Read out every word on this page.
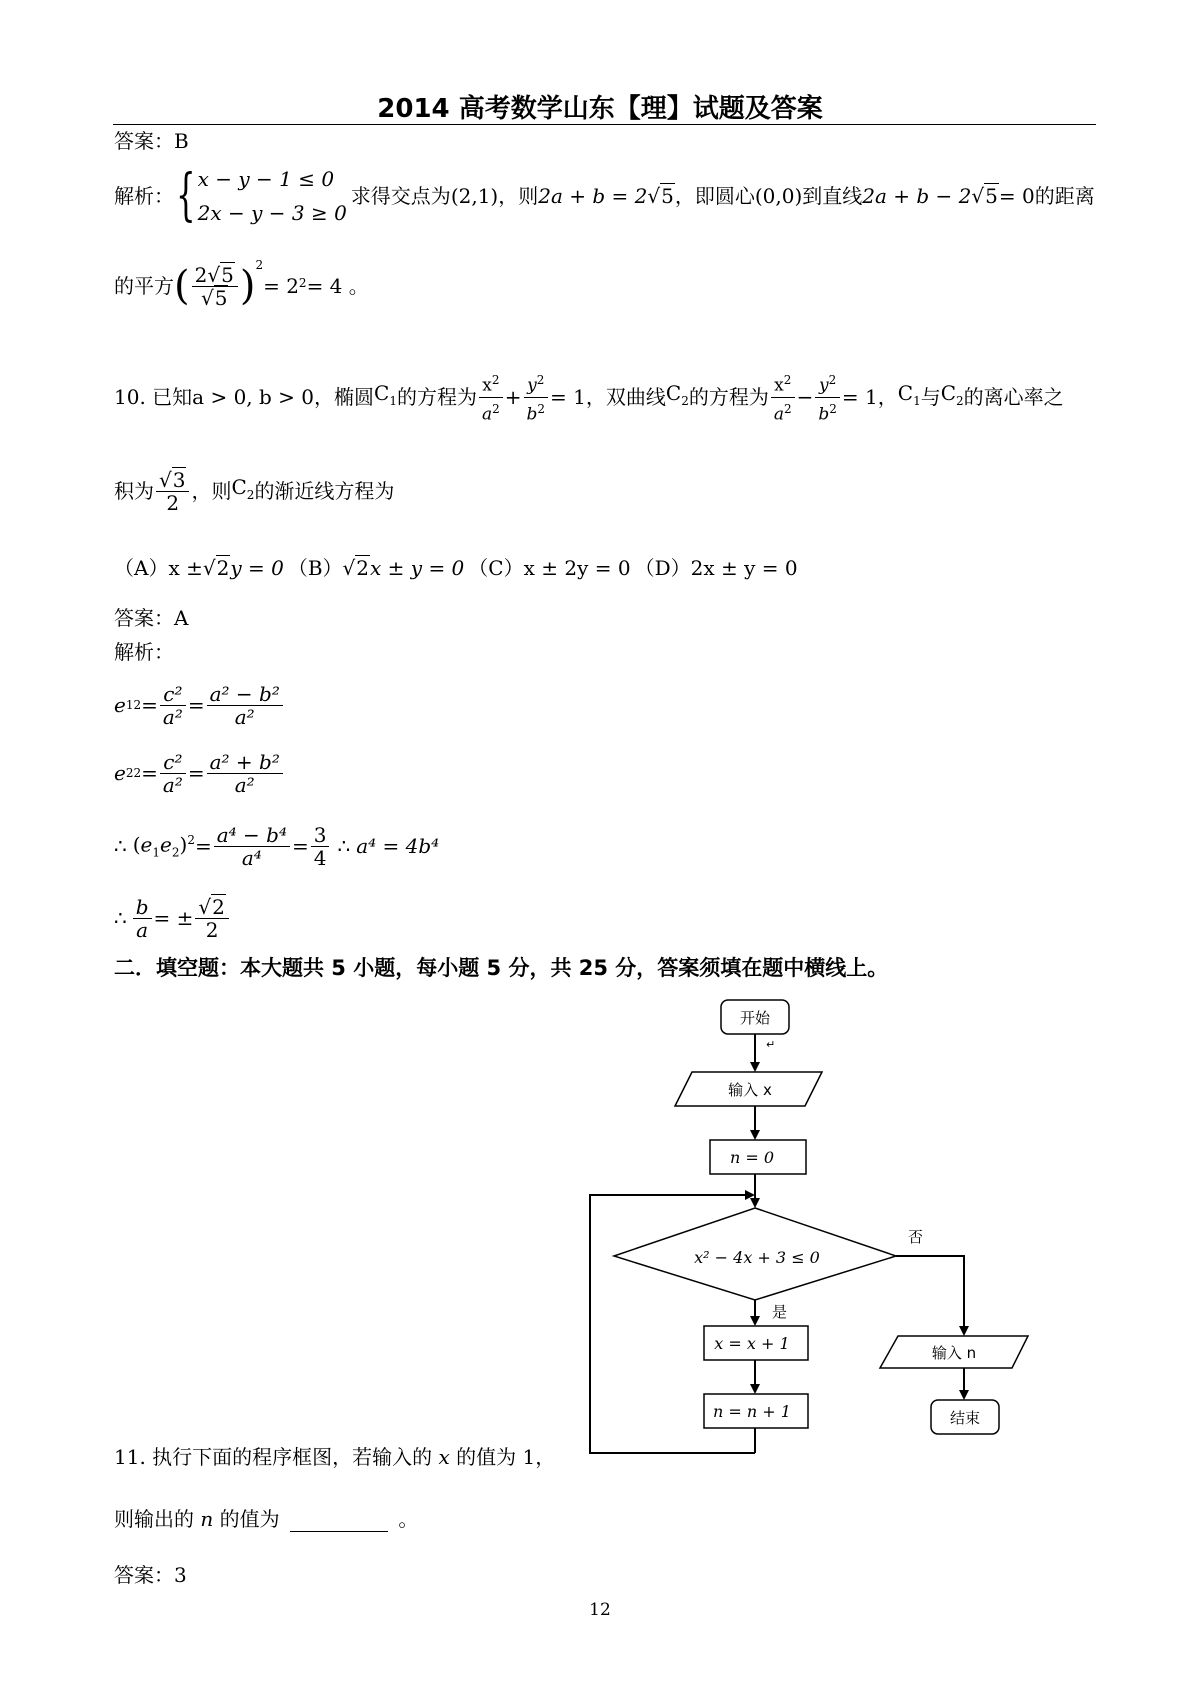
2014 高考数学山东【理】试题及答案
答案：B
解析： { x − y − 1 ≤ 0
2x − y − 3 ≥ 0
求得交点为 (2,1) ，则 2a + b = 2 √5 ，即圆心 (0,0) 到直线 2a + b − 2 √5 = 0 的距离
的平方 ( $\frac{2√5}{√5} )^2$
= 2 2 = 4 。
10. 已知 a > 0, b > 0 ，椭圆 $C_1$ 的方程为 $\frac{x^2}{a^2} + \frac{y^2}{b^2} = 1$ ，双曲线 $C_2$ 的方程为 $\frac{x^2}{a^2} - \frac{y^2}{b^2} = 1$ ， $C_1$ 与 $C_2$ 的离心率之
积为 $\frac{√3}{2}$ ，则 $C_2$ 的渐近线方程为
（A） x ± √2 y = 0 （B） √2 x ± y = 0 （C） x ± 2y = 0 （D） 2x ± y = 0
答案：A
解析：
e 1 $2 = \frac{\text{c²}}{\text{a²}} = \frac{\text{a² − b²}}{\text{a²}}$
e 2 $2 = \frac{\text{c²}}{\text{a²}} = \frac{\text{a² + b²}}{\text{a²}}$
∴ $(e_1e_2)^2 = \frac{\text{a⁴ − b⁴}}{\text{a⁴}} = \frac{3}{4}$ ∴ a⁴ = 4b⁴
∴ $\frac{b}{a}$ = ± $\frac{√2}{2}$
二．填空题：本大题共 5 小题，每小题 5 分，共 25 分，答案须填在题中横线上。
开始
↵
输入 x
n = 0
x² − 4x + 3 ≤ 0
否
是
x = x + 1
n = n + 1
输入 n
结束
11. 执行下面的程序框图，若输入的 x 的值为 1，
则输出的 n 的值为	。
答案：3
12
